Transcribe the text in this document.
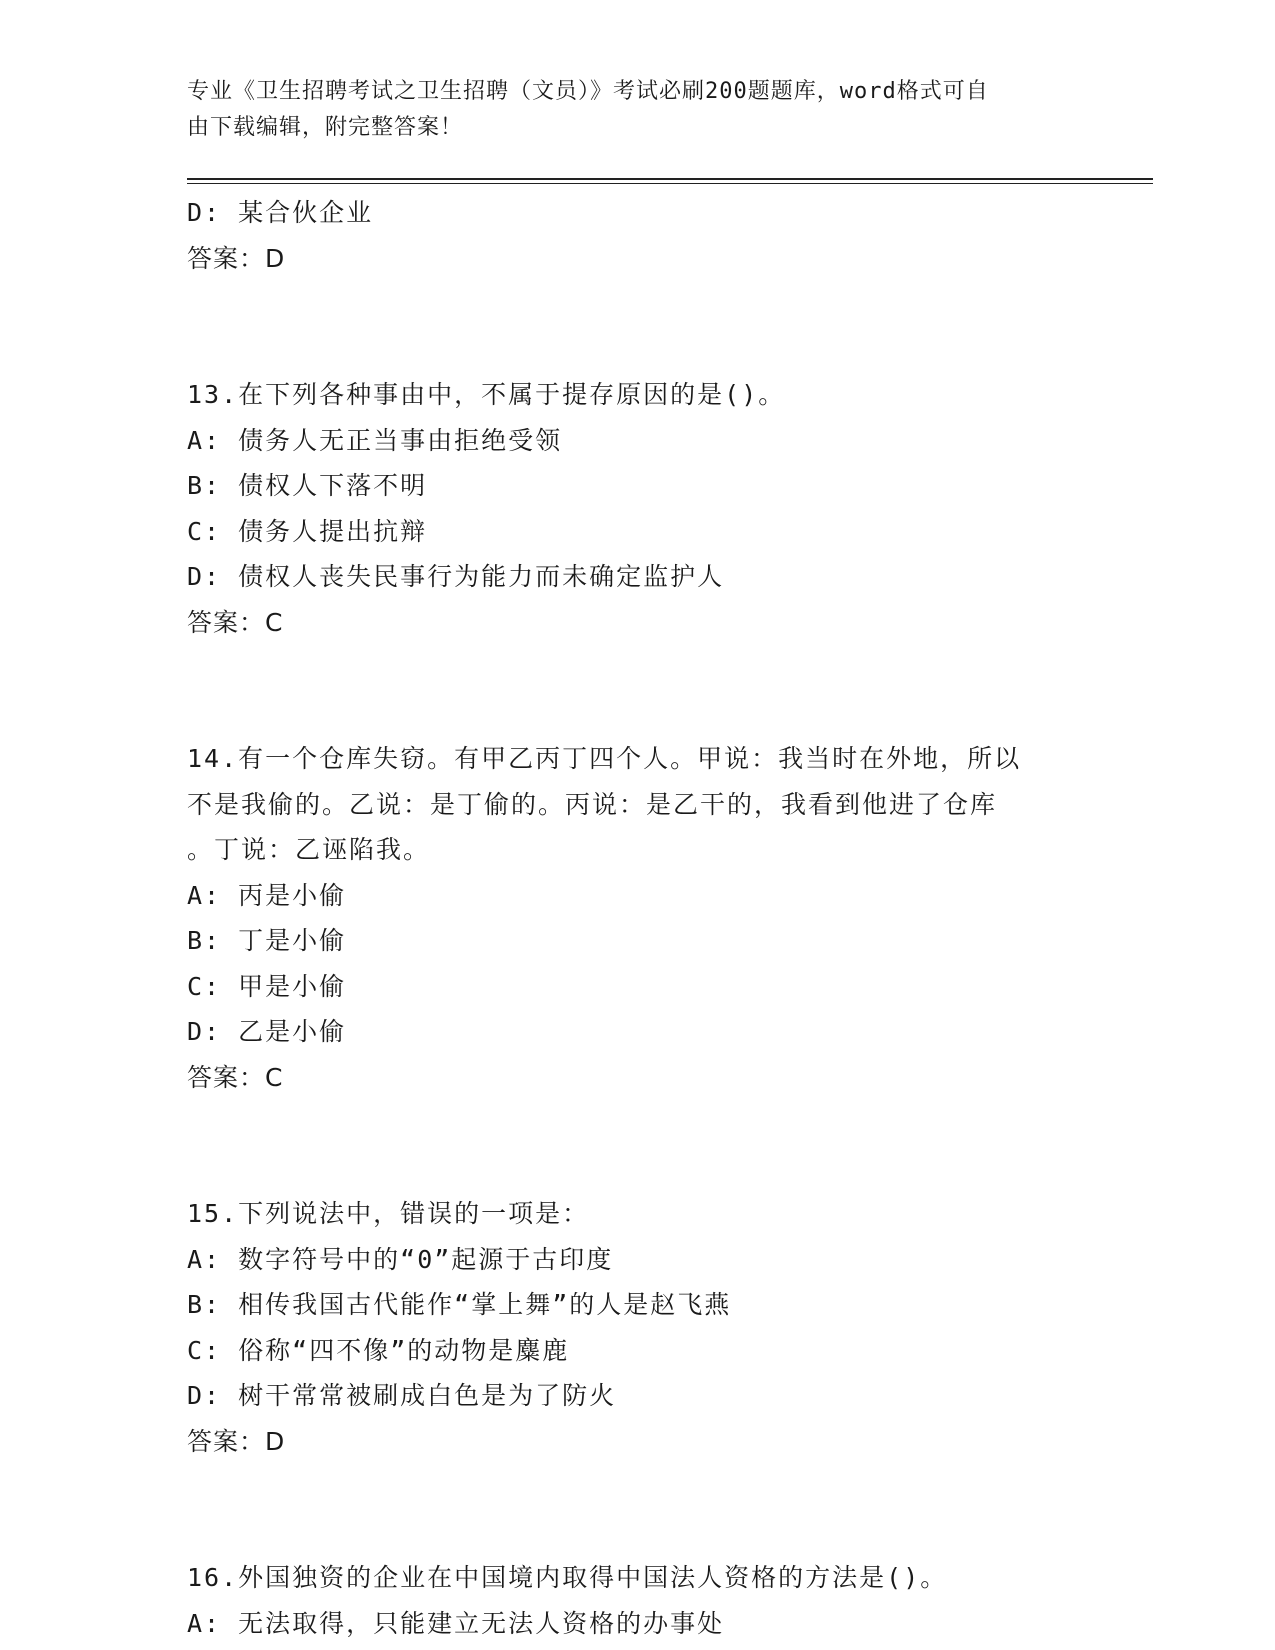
专业《卫生招聘考试之卫生招聘（文员）》考试必刷200题题库，word格式可自
由下载编辑，附完整答案！
D: 某合伙企业
答案：D
13.在下列各种事由中，不属于提存原因的是()。
A: 债务人无正当事由拒绝受领
B: 债权人下落不明
C: 债务人提出抗辩
D: 债权人丧失民事行为能力而未确定监护人
答案：C
14.有一个仓库失窃。有甲乙丙丁四个人。甲说：我当时在外地，所以
不是我偷的。乙说：是丁偷的。丙说：是乙干的，我看到他进了仓库
。丁说：乙诬陷我。
A: 丙是小偷
B: 丁是小偷
C: 甲是小偷
D: 乙是小偷
答案：C
15.下列说法中，错误的一项是：
A: 数字符号中的“0”起源于古印度
B: 相传我国古代能作“掌上舞”的人是赵飞燕
C: 俗称“四不像”的动物是麋鹿
D: 树干常常被刷成白色是为了防火
答案：D
16.外国独资的企业在中国境内取得中国法人资格的方法是()。
A: 无法取得，只能建立无法人资格的办事处
